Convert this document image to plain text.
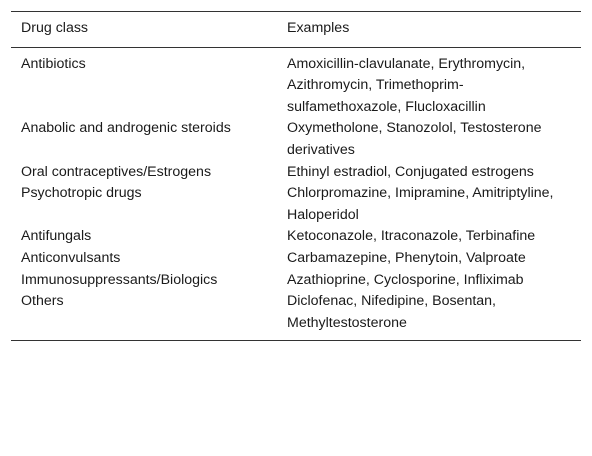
Drug class	Examples
Antibiotics	Amoxicillin-clavulanate, Erythromycin, Azithromycin, Trimethoprim-sulfamethoxazole, Flucloxacillin
Anabolic and androgenic steroids	Oxymetholone, Stanozolol, Testosterone derivatives
Oral contraceptives/Estrogens	Ethinyl estradiol, Conjugated estrogens
Psychotropic drugs	Chlorpromazine, Imipramine, Amitriptyline, Haloperidol
Antifungals	Ketoconazole, Itraconazole, Terbinafine
Anticonvulsants	Carbamazepine, Phenytoin, Valproate
Immunosuppressants/Biologics	Azathioprine, Cyclosporine, Infliximab
Others	Diclofenac, Nifedipine, Bosentan, Methyltestosterone
